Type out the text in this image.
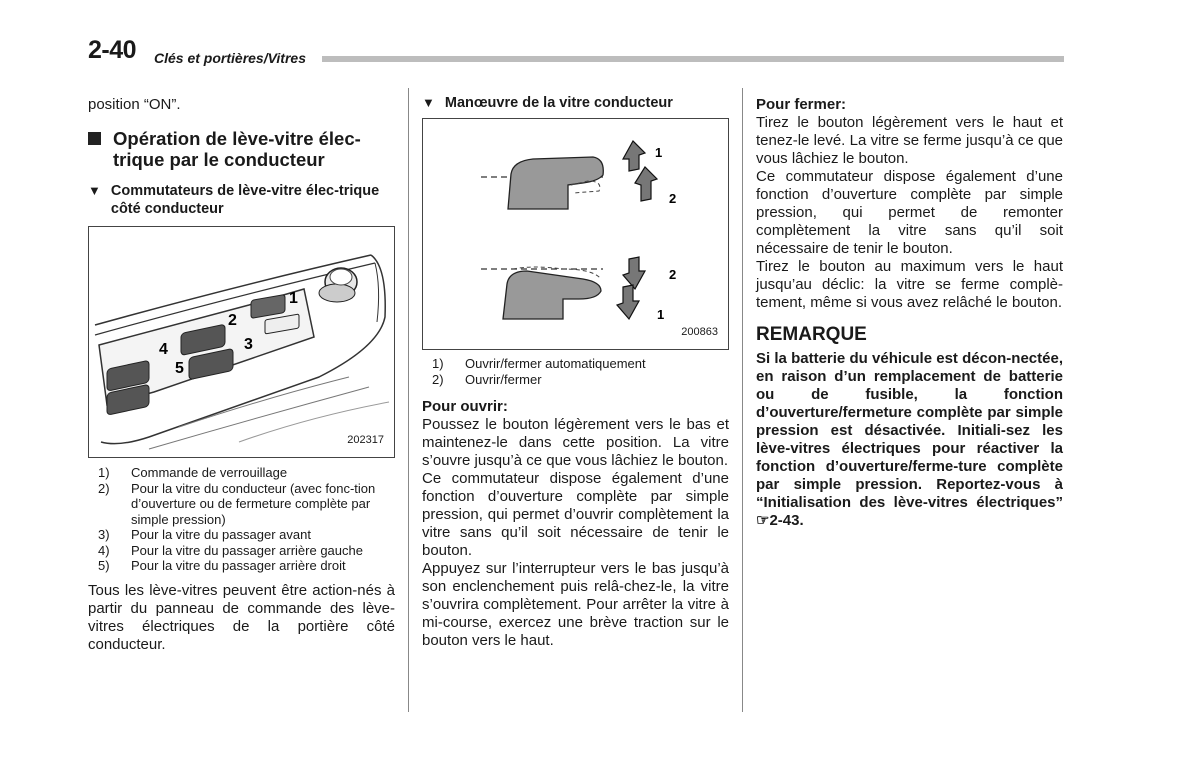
2-40 Clés et portières/Vitres

position “ON”.

Opération de lève-vitre élec-trique par le conducteur
▼ Commutateurs de lève-vitre élec-trique côté conducteur
1
2
3
4
5
202317
1)	Commande de verrouillage
2)	Pour la vitre du conducteur (avec fonc-tion d’ouverture ou de fermeture complète par simple pression)
3)	Pour la vitre du passager avant
4)	Pour la vitre du passager arrière gauche
5)	Pour la vitre du passager arrière droit

Tous les lève-vitres peuvent être action-nés à partir du panneau de commande des lève-vitres électriques de la portière côté conducteur.

▼ Manœuvre de la vitre conducteur
1
2
2
1
200863
1)	Ouvrir/fermer automatiquement
2)	Ouvrir/fermer

Pour ouvrir:

Poussez le bouton légèrement vers le bas et maintenez-le dans cette position. La vitre s’ouvre jusqu’à ce que vous lâchiez le bouton.

Ce commutateur dispose également d’une fonction d’ouverture complète par simple pression, qui permet d’ouvrir complètement la vitre sans qu’il soit nécessaire de tenir le bouton.

Appuyez sur l’interrupteur vers le bas jusqu’à son enclenchement puis relâ-chez-le, la vitre s’ouvrira complètement. Pour arrêter la vitre à mi-course, exercez une brève traction sur le bouton vers le haut.

Pour fermer:

Tirez le bouton légèrement vers le haut et tenez-le levé. La vitre se ferme jusqu’à ce que vous lâchiez le bouton.

Ce commutateur dispose également d’une fonction d’ouverture complète par simple pression, qui permet de remonter complètement la vitre sans qu’il soit nécessaire de tenir le bouton.

Tirez le bouton au maximum vers le haut jusqu’au déclic: la vitre se ferme complè-tement, même si vous avez relâché le bouton.

REMARQUE

Si la batterie du véhicule est décon-nectée, en raison d’un remplacement de batterie ou de fusible, la fonction d’ouverture/fermeture complète par simple pression est désactivée. Initiali-sez les lève-vitres électriques pour réactiver la fonction d’ouverture/ferme-ture complète par simple pression. Reportez-vous à “Initialisation des lève-vitres électriques” ☞2-43.
